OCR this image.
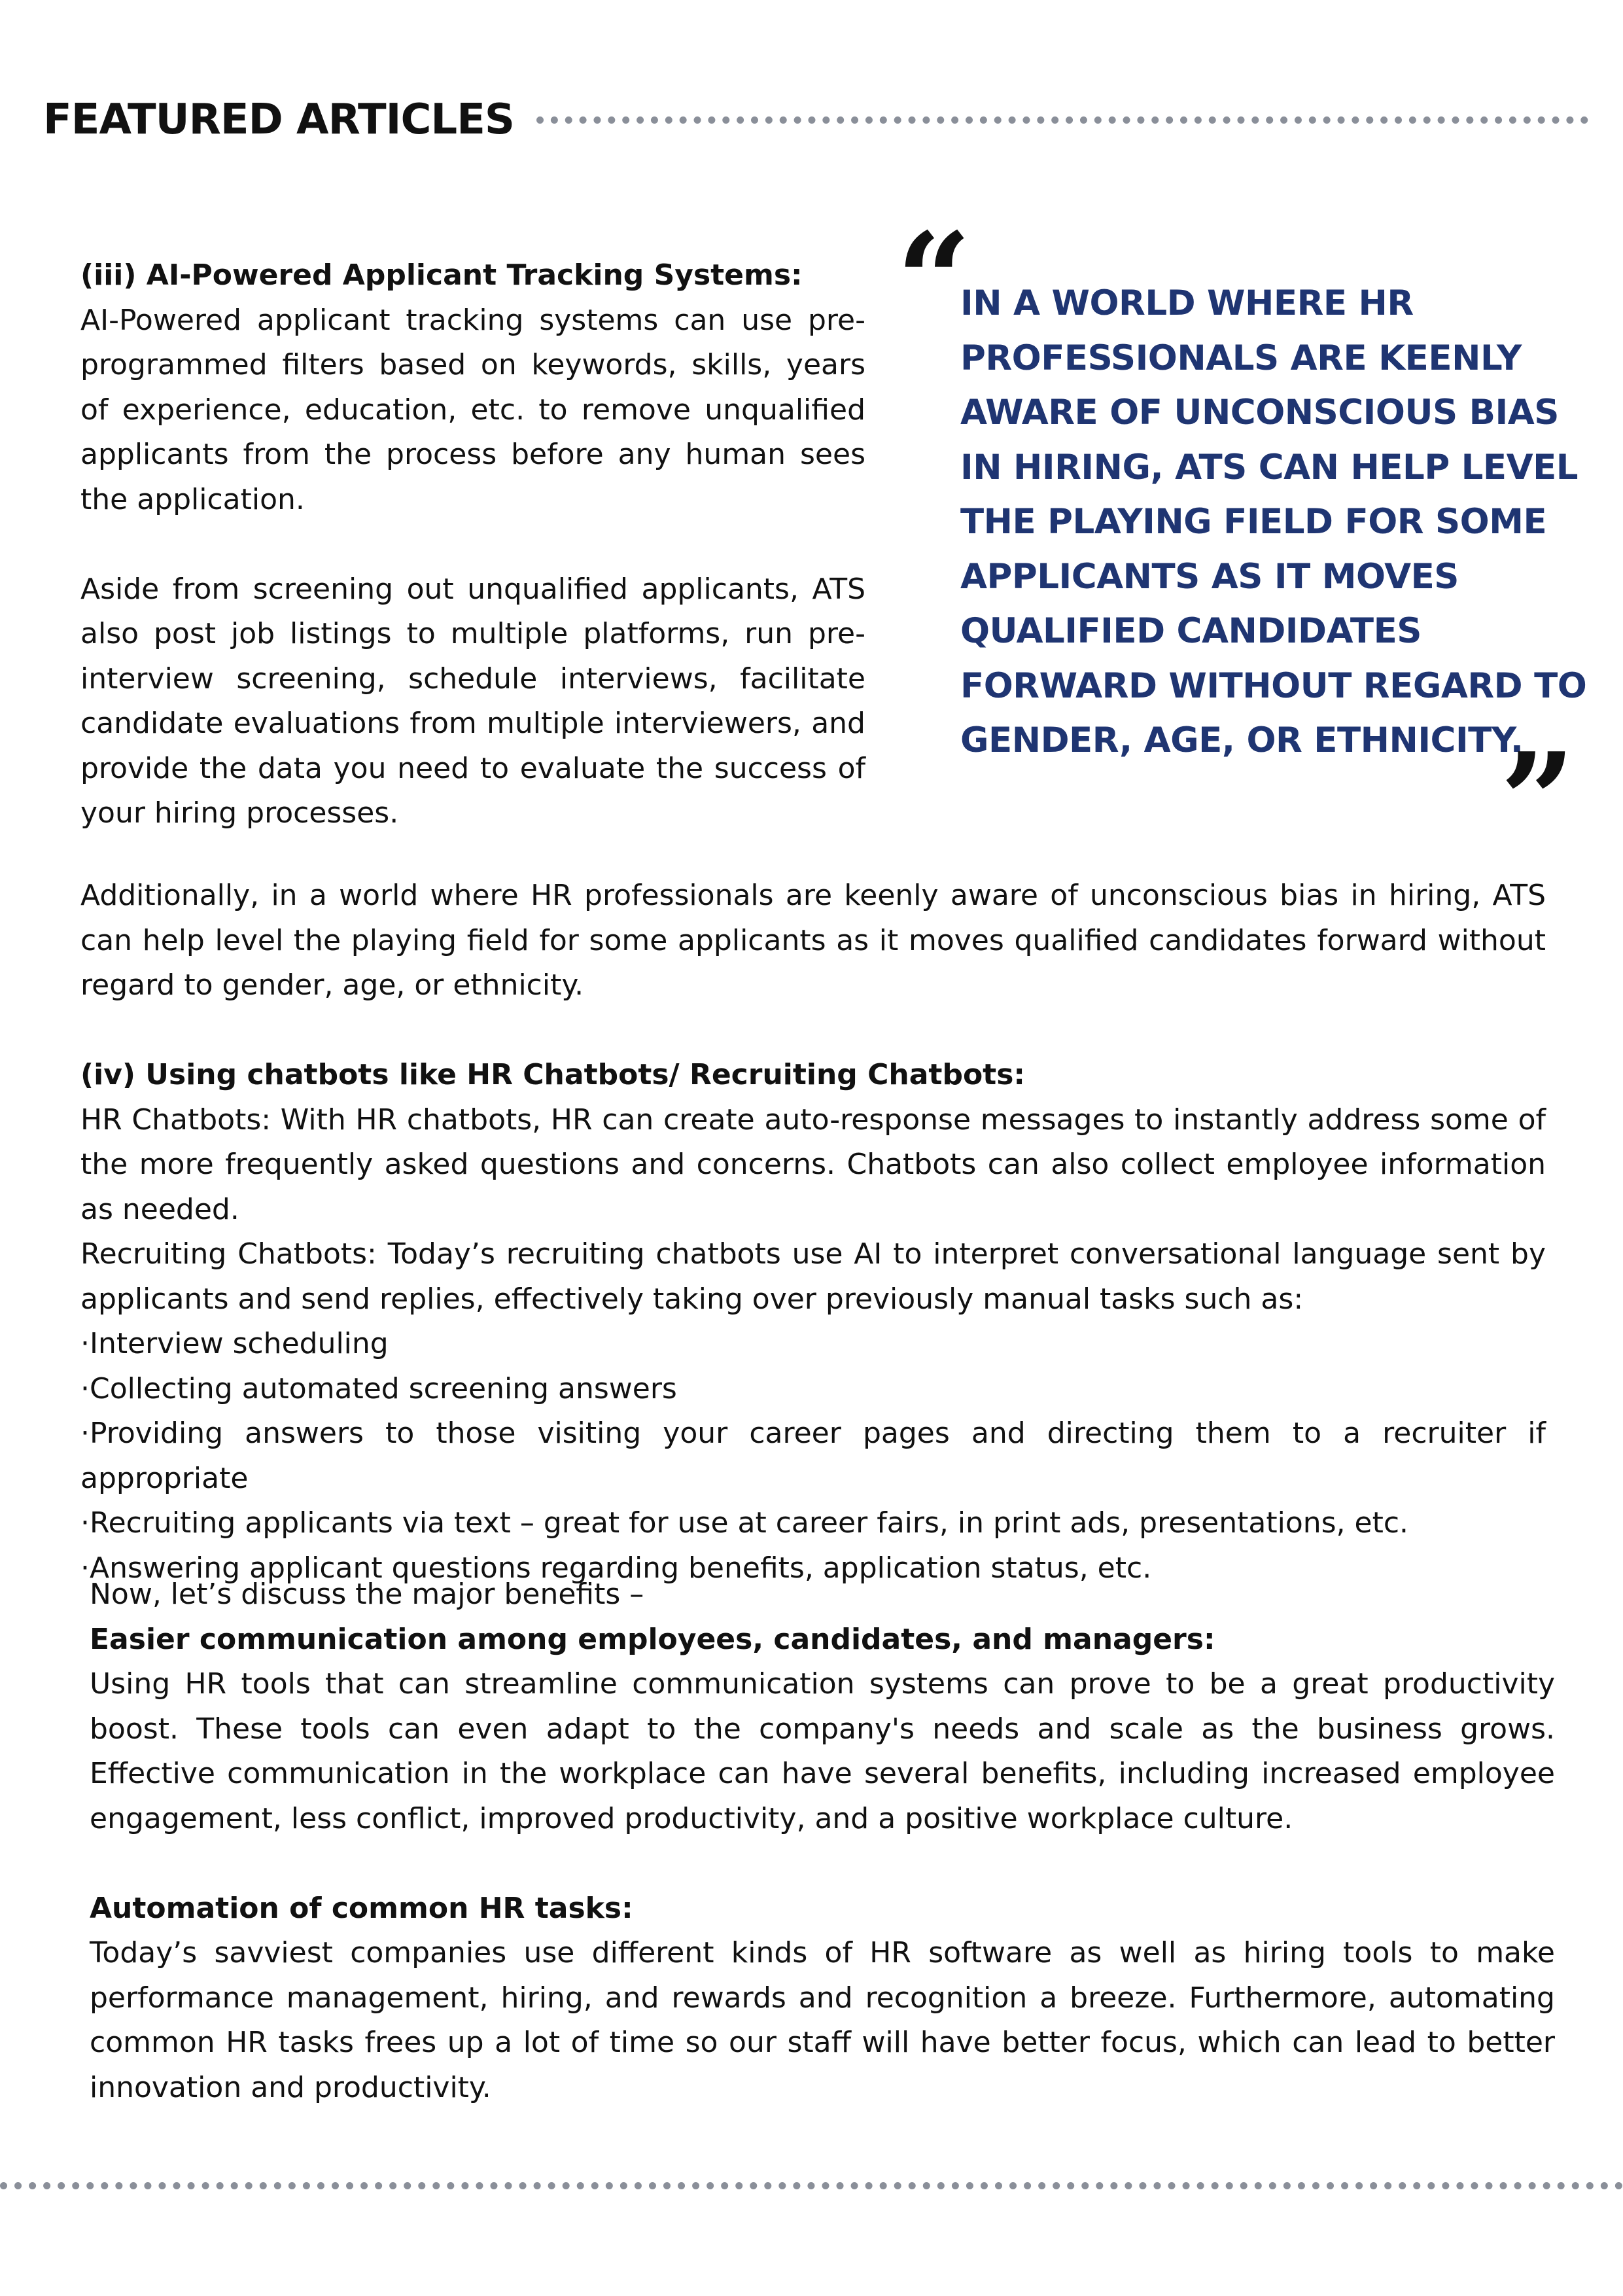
FEATURED ARTICLES

(iii) AI-Powered Applicant Tracking Systems:

AI-Powered applicant tracking systems can use pre-programmed filters based on keywords, skills, years of experience, education, etc. to remove unqualified applicants from the process before any human sees the application.

Aside from screening out unqualified applicants, ATS also post job listings to multiple platforms, run pre-interview screening, schedule interviews, facilitate candidate evaluations from multiple interviewers, and provide the data you need to evaluate the success of your hiring processes.

“

IN A WORLD WHERE HR PROFESSIONALS ARE KEENLY AWARE OF UNCONSCIOUS BIAS IN HIRING, ATS CAN HELP LEVEL THE PLAYING FIELD FOR SOME APPLICANTS AS IT MOVES QUALIFIED CANDIDATES FORWARD WITHOUT REGARD TO GENDER, AGE, OR ETHNICITY.

”

Additionally, in a world where HR professionals are keenly aware of unconscious bias in hiring, ATS can help level the playing field for some applicants as it moves qualified candidates forward without regard to gender, age, or ethnicity.

(iv) Using chatbots like HR Chatbots/ Recruiting Chatbots:

HR Chatbots: With HR chatbots, HR can create auto-response messages to instantly address some of the more frequently asked questions and concerns. Chatbots can also collect employee information as needed.

Recruiting Chatbots: Today’s recruiting chatbots use AI to interpret conversational language sent by applicants and send replies, effectively taking over previously manual tasks such as:

·Interview scheduling

·Collecting automated screening answers

·Providing answers to those visiting your career pages and directing them to a recruiter if appropriate

·Recruiting applicants via text – great for use at career fairs, in print ads, presentations, etc.

·Answering applicant questions regarding benefits, application status, etc.

Now, let’s discuss the major benefits –

Easier communication among employees, candidates, and managers:

Using HR tools that can streamline communication systems can prove to be a great productivity boost. These tools can even adapt to the company's needs and scale as the business grows. Effective communication in the workplace can have several benefits, including increased employee engagement, less conflict, improved productivity, and a positive workplace culture.

Automation of common HR tasks:

Today’s savviest companies use different kinds of HR software as well as hiring tools to make performance management, hiring, and rewards and recognition a breeze. Furthermore, automating common HR tasks frees up a lot of time so our staff will have better focus, which can lead to better innovation and productivity.
